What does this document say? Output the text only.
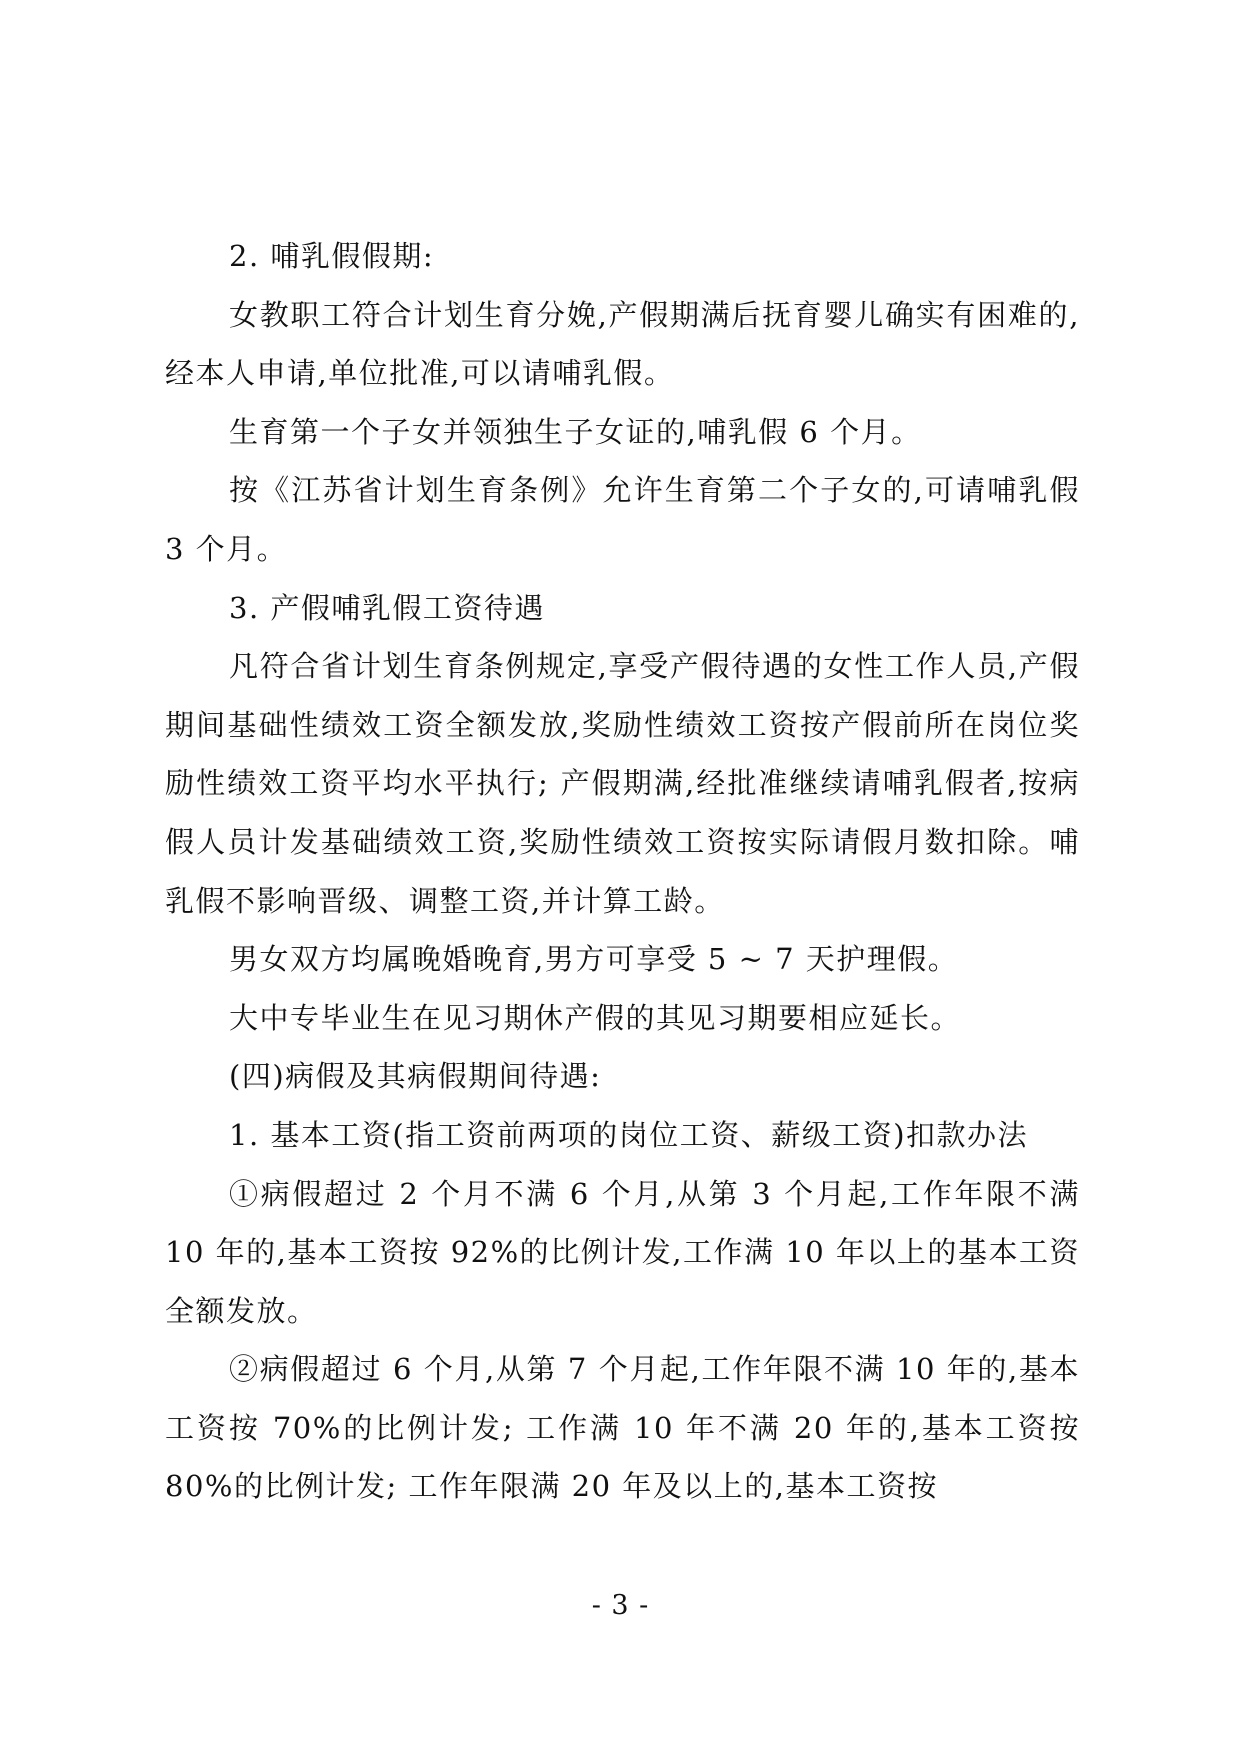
2. 哺乳假假期:

女教职工符合计划生育分娩,产假期满后抚育婴儿确实有困难的,经本人申请,单位批准,可以请哺乳假。

生育第一个子女并领独生子女证的,哺乳假 6 个月。

按《江苏省计划生育条例》允许生育第二个子女的,可请哺乳假 3 个月。

3. 产假哺乳假工资待遇

凡符合省计划生育条例规定,享受产假待遇的女性工作人员,产假期间基础性绩效工资全额发放,奖励性绩效工资按产假前所在岗位奖励性绩效工资平均水平执行; 产假期满,经批准继续请哺乳假者,按病假人员计发基础绩效工资,奖励性绩效工资按实际请假月数扣除。哺乳假不影响晋级、调整工资,并计算工龄。

男女双方均属晚婚晚育,男方可享受 5 ~ 7 天护理假。

大中专毕业生在见习期休产假的其见习期要相应延长。

(四)病假及其病假期间待遇:

1. 基本工资(指工资前两项的岗位工资、薪级工资)扣款办法

①病假超过 2 个月不满 6 个月,从第 3 个月起,工作年限不满 10 年的,基本工资按 92%的比例计发,工作满 10 年以上的基本工资全额发放。

②病假超过 6 个月,从第 7 个月起,工作年限不满 10 年的,基本工资按 70%的比例计发; 工作满 10 年不满 20 年的,基本工资按 80%的比例计发; 工作年限满 20 年及以上的,基本工资按

- 3 -
